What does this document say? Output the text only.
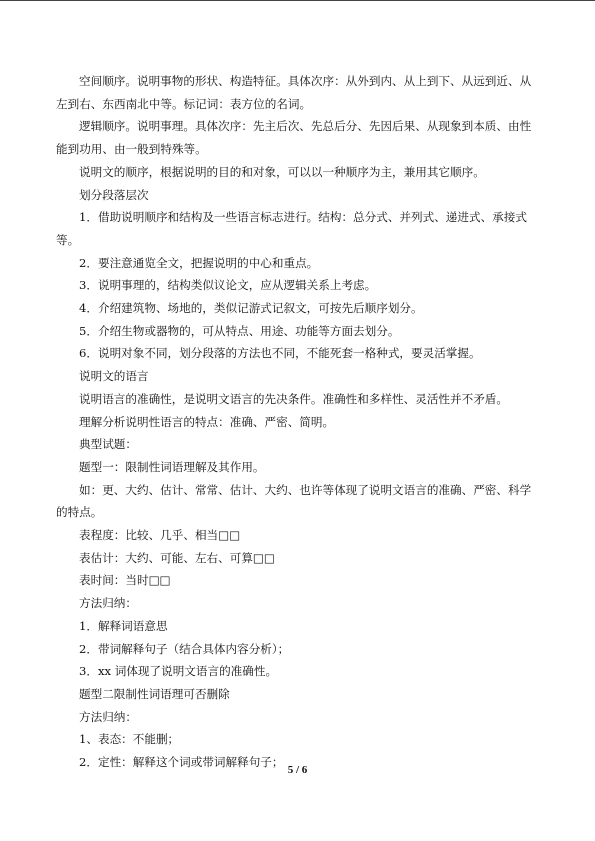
空间顺序。说明事物的形状、构造特征。具体次序：从外到内、从上到下、从远到近、从左到右、东西南北中等。标记词：表方位的名词。

逻辑顺序。说明事理。具体次序：先主后次、先总后分、先因后果、从现象到本质、由性能到功用、由一般到特殊等。

说明文的顺序，根据说明的目的和对象，可以以一种顺序为主，兼用其它顺序。

划分段落层次

1．借助说明顺序和结构及一些语言标志进行。结构：总分式、并列式、递进式、承接式等。

2．要注意通览全文，把握说明的中心和重点。

3．说明事理的，结构类似议论文，应从逻辑关系上考虑。

4．介绍建筑物、场地的，类似记游式记叙文，可按先后顺序划分。

5．介绍生物或器物的，可从特点、用途、功能等方面去划分。

6．说明对象不同，划分段落的方法也不同，不能死套一格种式，要灵活掌握。

说明文的语言

说明语言的准确性，是说明文语言的先决条件。准确性和多样性、灵活性并不矛盾。

理解分析说明性语言的特点：准确、严密、简明。

典型试题：

题型一：限制性词语理解及其作用。

如：更、大约、估计、常常、估计、大约、也许等体现了说明文语言的准确、严密、科学的特点。

表程度：比较、几乎、相当□□

表估计：大约、可能、左右、可算□□

表时间：当时□□

方法归纳：

1．解释词语意思

2．带词解释句子（结合具体内容分析）；

3．xx 词体现了说明文语言的准确性。

题型二限制性词语理可否删除

方法归纳：

1、表态：不能删；

2．定性：解释这个词或带词解释句子；

5 / 6
